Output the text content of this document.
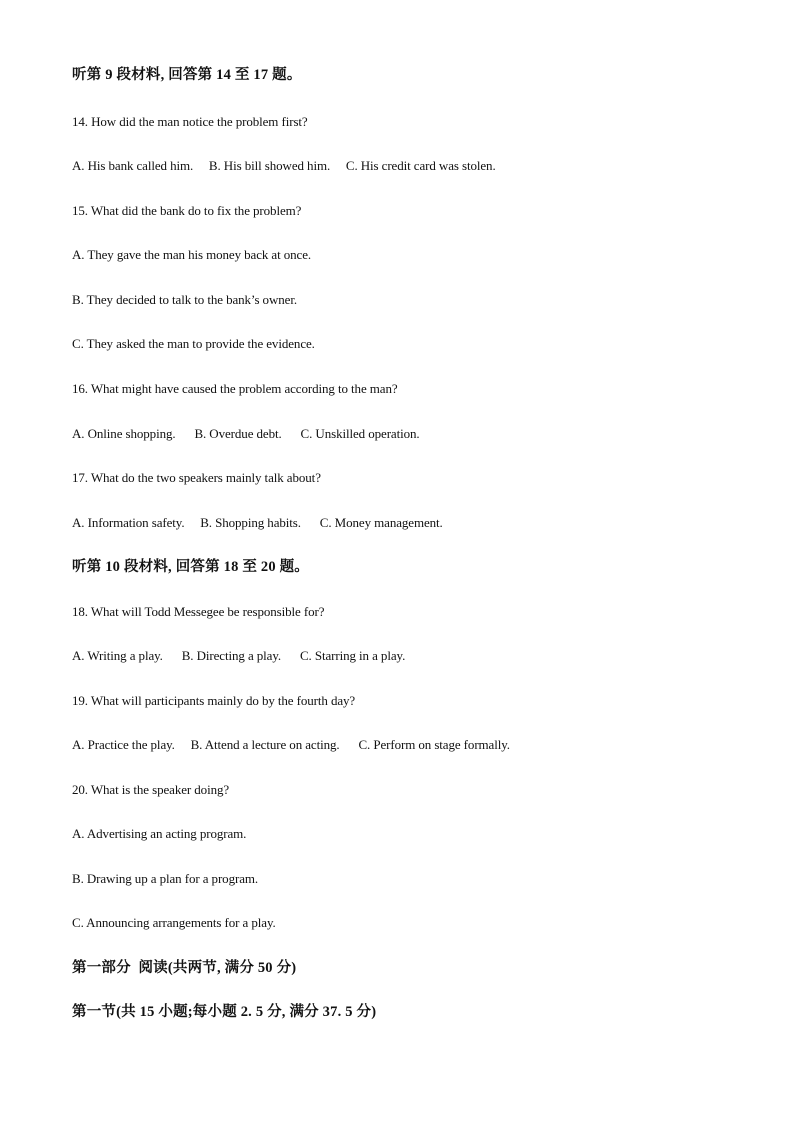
听第 9 段材料, 回答第 14 至 17 题。
14. How did the man notice the problem first?
A. His bank called him.     B. His bill showed him.     C. His credit card was stolen.
15. What did the bank do to fix the problem?
A. They gave the man his money back at once.
B. They decided to talk to the bank’s owner.
C. They asked the man to provide the evidence.
16. What might have caused the problem according to the man?
A. Online shopping.      B. Overdue debt.      C. Unskilled operation.
17. What do the two speakers mainly talk about?
A. Information safety.     B. Shopping habits.      C. Money management.
听第 10 段材料, 回答第 18 至 20 题。
18. What will Todd Messegee be responsible for?
A. Writing a play.      B. Directing a play.      C. Starring in a play.
19. What will participants mainly do by the fourth day?
A. Practice the play.     B. Attend a lecture on acting.      C. Perform on stage formally.
20. What is the speaker doing?
A. Advertising an acting program.
B. Drawing up a plan for a program.
C. Announcing arrangements for a play.
第一部分  阅读(共两节, 满分 50 分)
第一节(共 15 小题;每小题 2. 5 分, 满分 37. 5 分)
